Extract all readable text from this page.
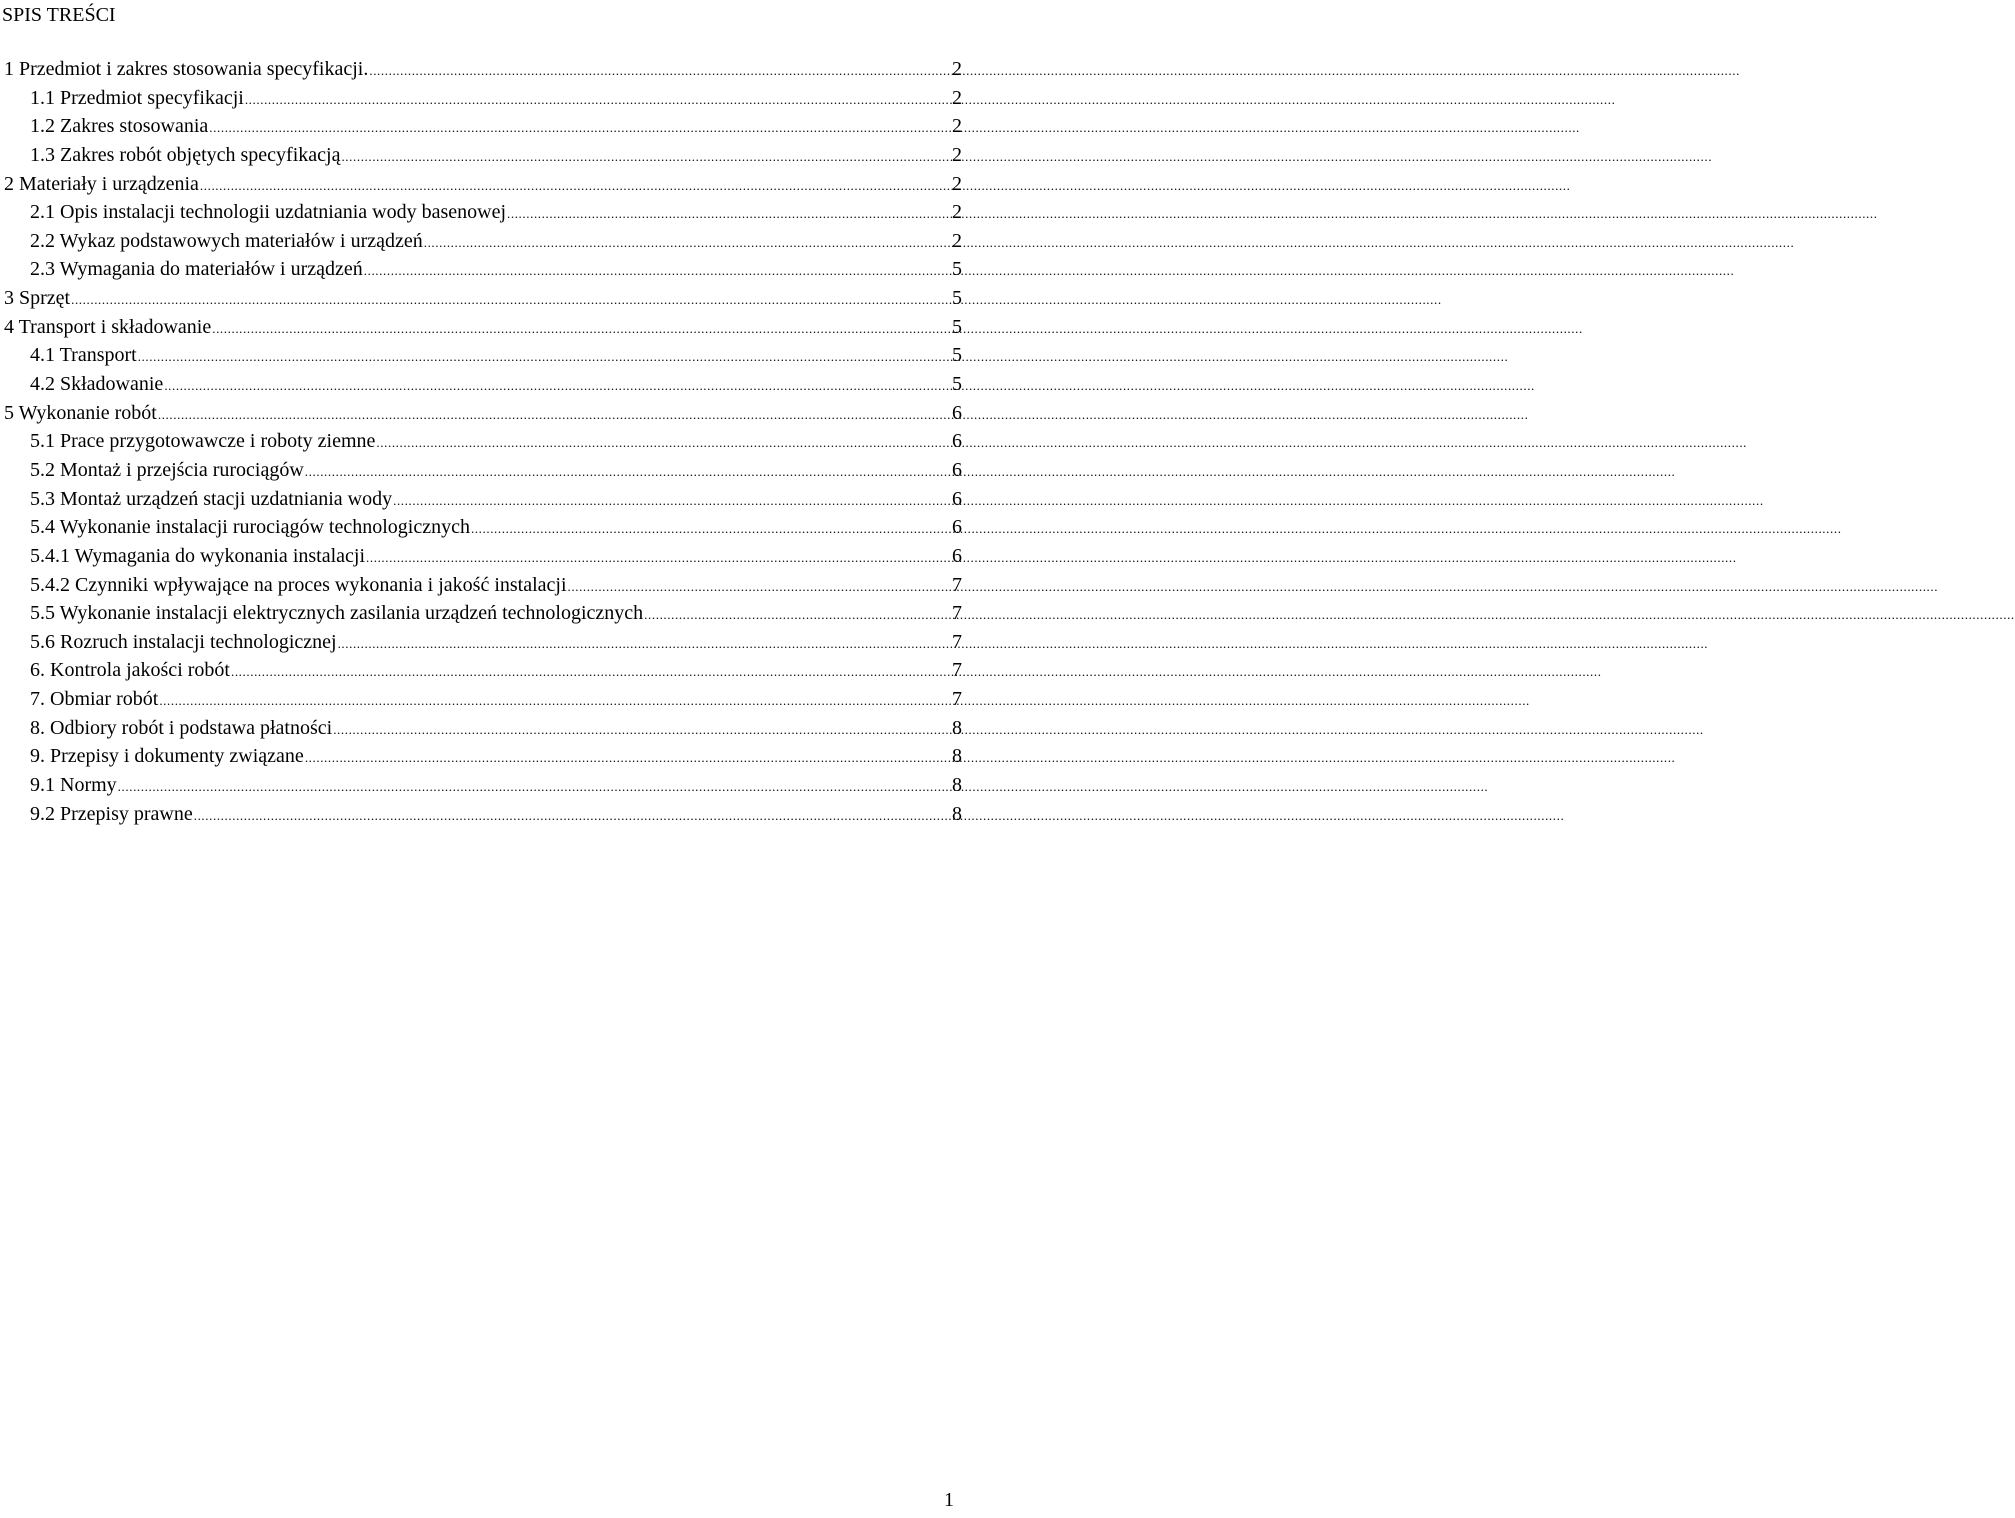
SPIS TREŚCI
1 Przedmiot i zakres stosowania specyfikacji. .....	2
1.1 Przedmiot specyfikacji .....	2
1.2 Zakres stosowania .....	2
1.3 Zakres robót objętych specyfikacją .....	2
2 Materiały i urządzenia .....	2
2.1 Opis instalacji technologii uzdatniania wody basenowej .....	2
2.2 Wykaz podstawowych materiałów i urządzeń .....	2
2.3 Wymagania do materiałów i urządzeń .....	5
3 Sprzęt .....	5
4 Transport i składowanie .....	5
4.1 Transport .....	5
4.2 Składowanie .....	5
5 Wykonanie robót .....	6
5.1 Prace przygotowawcze i roboty ziemne .....	6
5.2 Montaż i przejścia rurociągów .....	6
5.3 Montaż urządzeń stacji uzdatniania wody .....	6
5.4 Wykonanie instalacji rurociągów technologicznych .....	6
5.4.1 Wymagania do wykonania instalacji .....	6
5.4.2 Czynniki wpływające na proces wykonania i jakość instalacji .....	7
5.5 Wykonanie instalacji elektrycznych zasilania urządzeń technologicznych .....	7
5.6 Rozruch instalacji technologicznej .....	7
6. Kontrola jakości robót .....	7
7. Obmiar robót .....	7
8. Odbiory robót i podstawa płatności .....	8
9. Przepisy i dokumenty związane .....	8
9.1 Normy .....	8
9.2 Przepisy prawne .....	8
1
